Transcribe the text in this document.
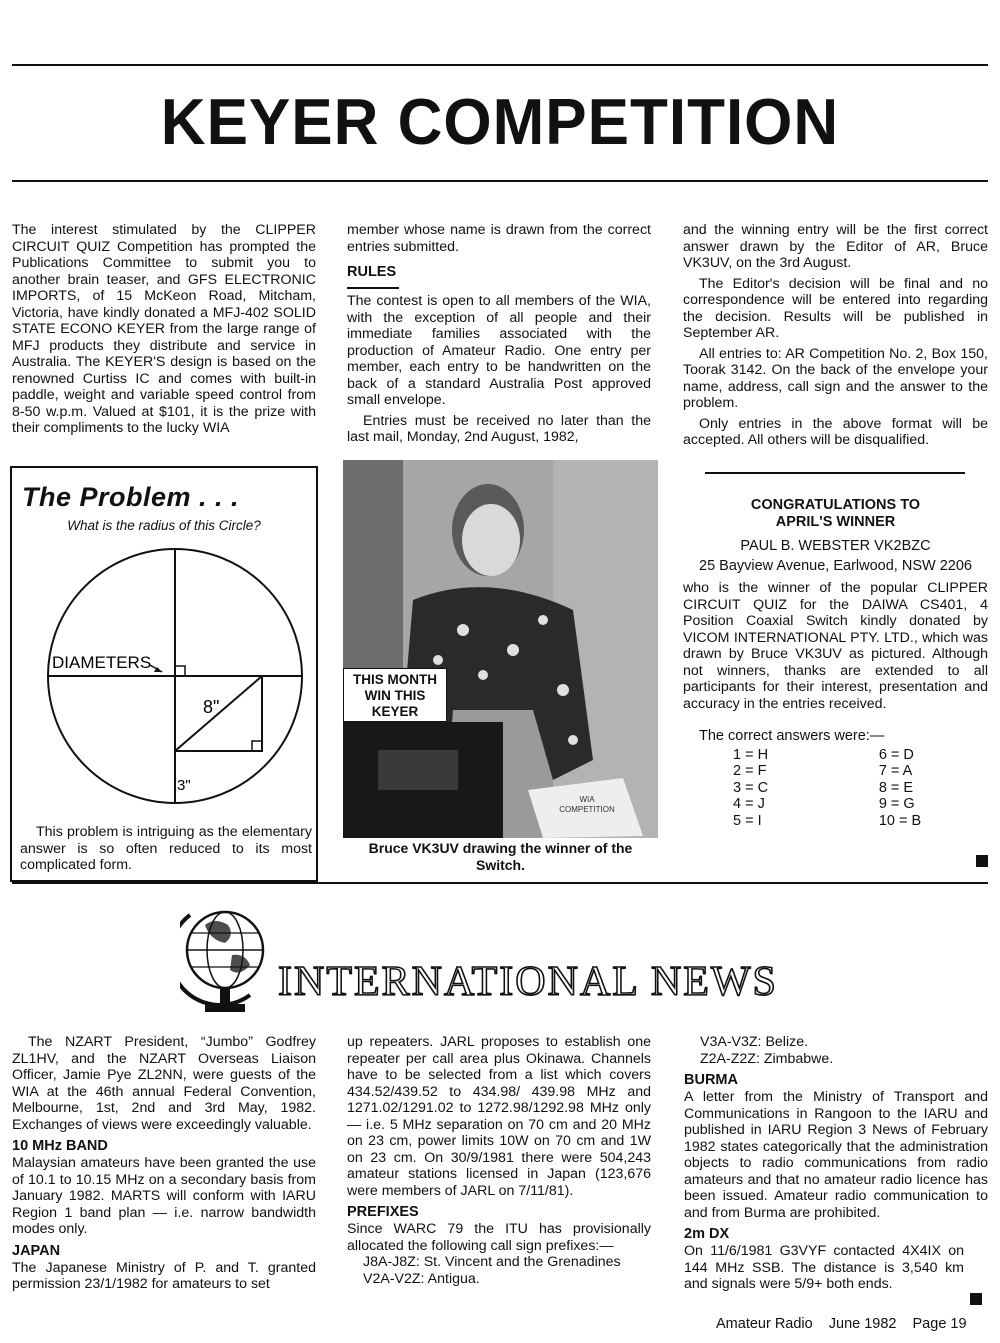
KEYER COMPETITION

The interest stimulated by the CLIPPER CIRCUIT QUIZ Competition has prompted the Publications Committee to submit you to another brain teaser, and GFS ELECTRONIC IMPORTS, of 15 McKeon Road, Mitcham, Victoria, have kindly donated a MFJ-402 SOLID STATE ECONO KEYER from the large range of MFJ products they distribute and service in Australia. The KEYER'S design is based on the renowned Curtiss IC and comes with built-in paddle, weight and variable speed control from 8-50 w.p.m. Valued at $101, it is the prize with their compliments to the lucky WIA

member whose name is drawn from the correct entries submitted.

RULES

The contest is open to all members of the WIA, with the exception of all people and their immediate families associated with the production of Amateur Radio. One entry per member, each entry to be handwritten on the back of a standard Australia Post approved small envelope.

Entries must be received no later than the last mail, Monday, 2nd August, 1982,

and the winning entry will be the first correct answer drawn by the Editor of AR, Bruce VK3UV, on the 3rd August.

The Editor's decision will be final and no correspondence will be entered into regarding the decision. Results will be published in September AR.

All entries to: AR Competition No. 2, Box 150, Toorak 3142. On the back of the envelope your name, address, call sign and the answer to the problem.

Only entries in the above format will be accepted. All others will be disqualified.

The Problem . . .
What is the radius of this Circle?
DIAMETERS
8"
3"

This problem is intriguing as the elementary answer is so often reduced to its most complicated form.

WIA
COMPETITION
THIS MONTH
WIN THIS
KEYER
Bruce VK3UV drawing the winner of the Switch.
CONGRATULATIONS TO
APRIL'S WINNER
PAUL B. WEBSTER VK2BZC
25 Bayview Avenue, Earlwood, NSW 2206

who is the winner of the popular CLIPPER CIRCUIT QUIZ for the DAIWA CS401, 4 Position Coaxial Switch kindly donated by VICOM INTERNATIONAL PTY. LTD., which was drawn by Bruce VK3UV as pictured. Although not winners, thanks are extended to all participants for their interest, presentation and accuracy in the entries received.

The correct answers were:—
1 = H	6 = D
2 = F	7 = A
3 = C	8 = E
4 = J	9 = G
5 = I	10 = B
INTERNATIONAL NEWS

The NZART President, “Jumbo” Godfrey ZL1HV, and the NZART Overseas Liaison Officer, Jamie Pye ZL2NN, were guests of the WIA at the 46th annual Federal Convention, Melbourne, 1st, 2nd and 3rd May, 1982. Exchanges of views were exceedingly valuable.

10 MHz BAND

Malaysian amateurs have been granted the use of 10.1 to 10.15 MHz on a secondary basis from January 1982. MARTS will conform with IARU Region 1 band plan — i.e. narrow bandwidth modes only.

JAPAN

The Japanese Ministry of P. and T. granted permission 23/1/1982 for amateurs to set

up repeaters. JARL proposes to establish one repeater per call area plus Okinawa. Channels have to be selected from a list which covers 434.52/439.52 to 434.98/ 439.98 MHz and 1271.02/1291.02 to 1272.98/1292.98 MHz only — i.e. 5 MHz separation on 70 cm and 20 MHz on 23 cm, power limits 10W on 70 cm and 1W on 23 cm. On 30/9/1981 there were 504,243 amateur stations licensed in Japan (123,676 were members of JARL on 7/11/81).

PREFIXES

Since WARC 79 the ITU has provisionally allocated the following call sign prefixes:—

J8A-J8Z: St. Vincent and the Grenadines
V2A-V2Z: Antigua.
V3A-V3Z: Belize.
Z2A-Z2Z: Zimbabwe.
BURMA

A letter from the Ministry of Transport and Communications in Rangoon to the IARU and published in IARU Region 3 News of February 1982 states categorically that the administration objects to radio communications from radio amateurs and that no amateur radio licence has been issued. Amateur radio communication to and from Burma are prohibited.

2m DX

On 11/6/1981 G3VYF contacted 4X4IX on 144 MHz SSB. The distance is 3,540 km and signals were 5/9+ both ends.

Amateur Radio June 1982 Page 19
